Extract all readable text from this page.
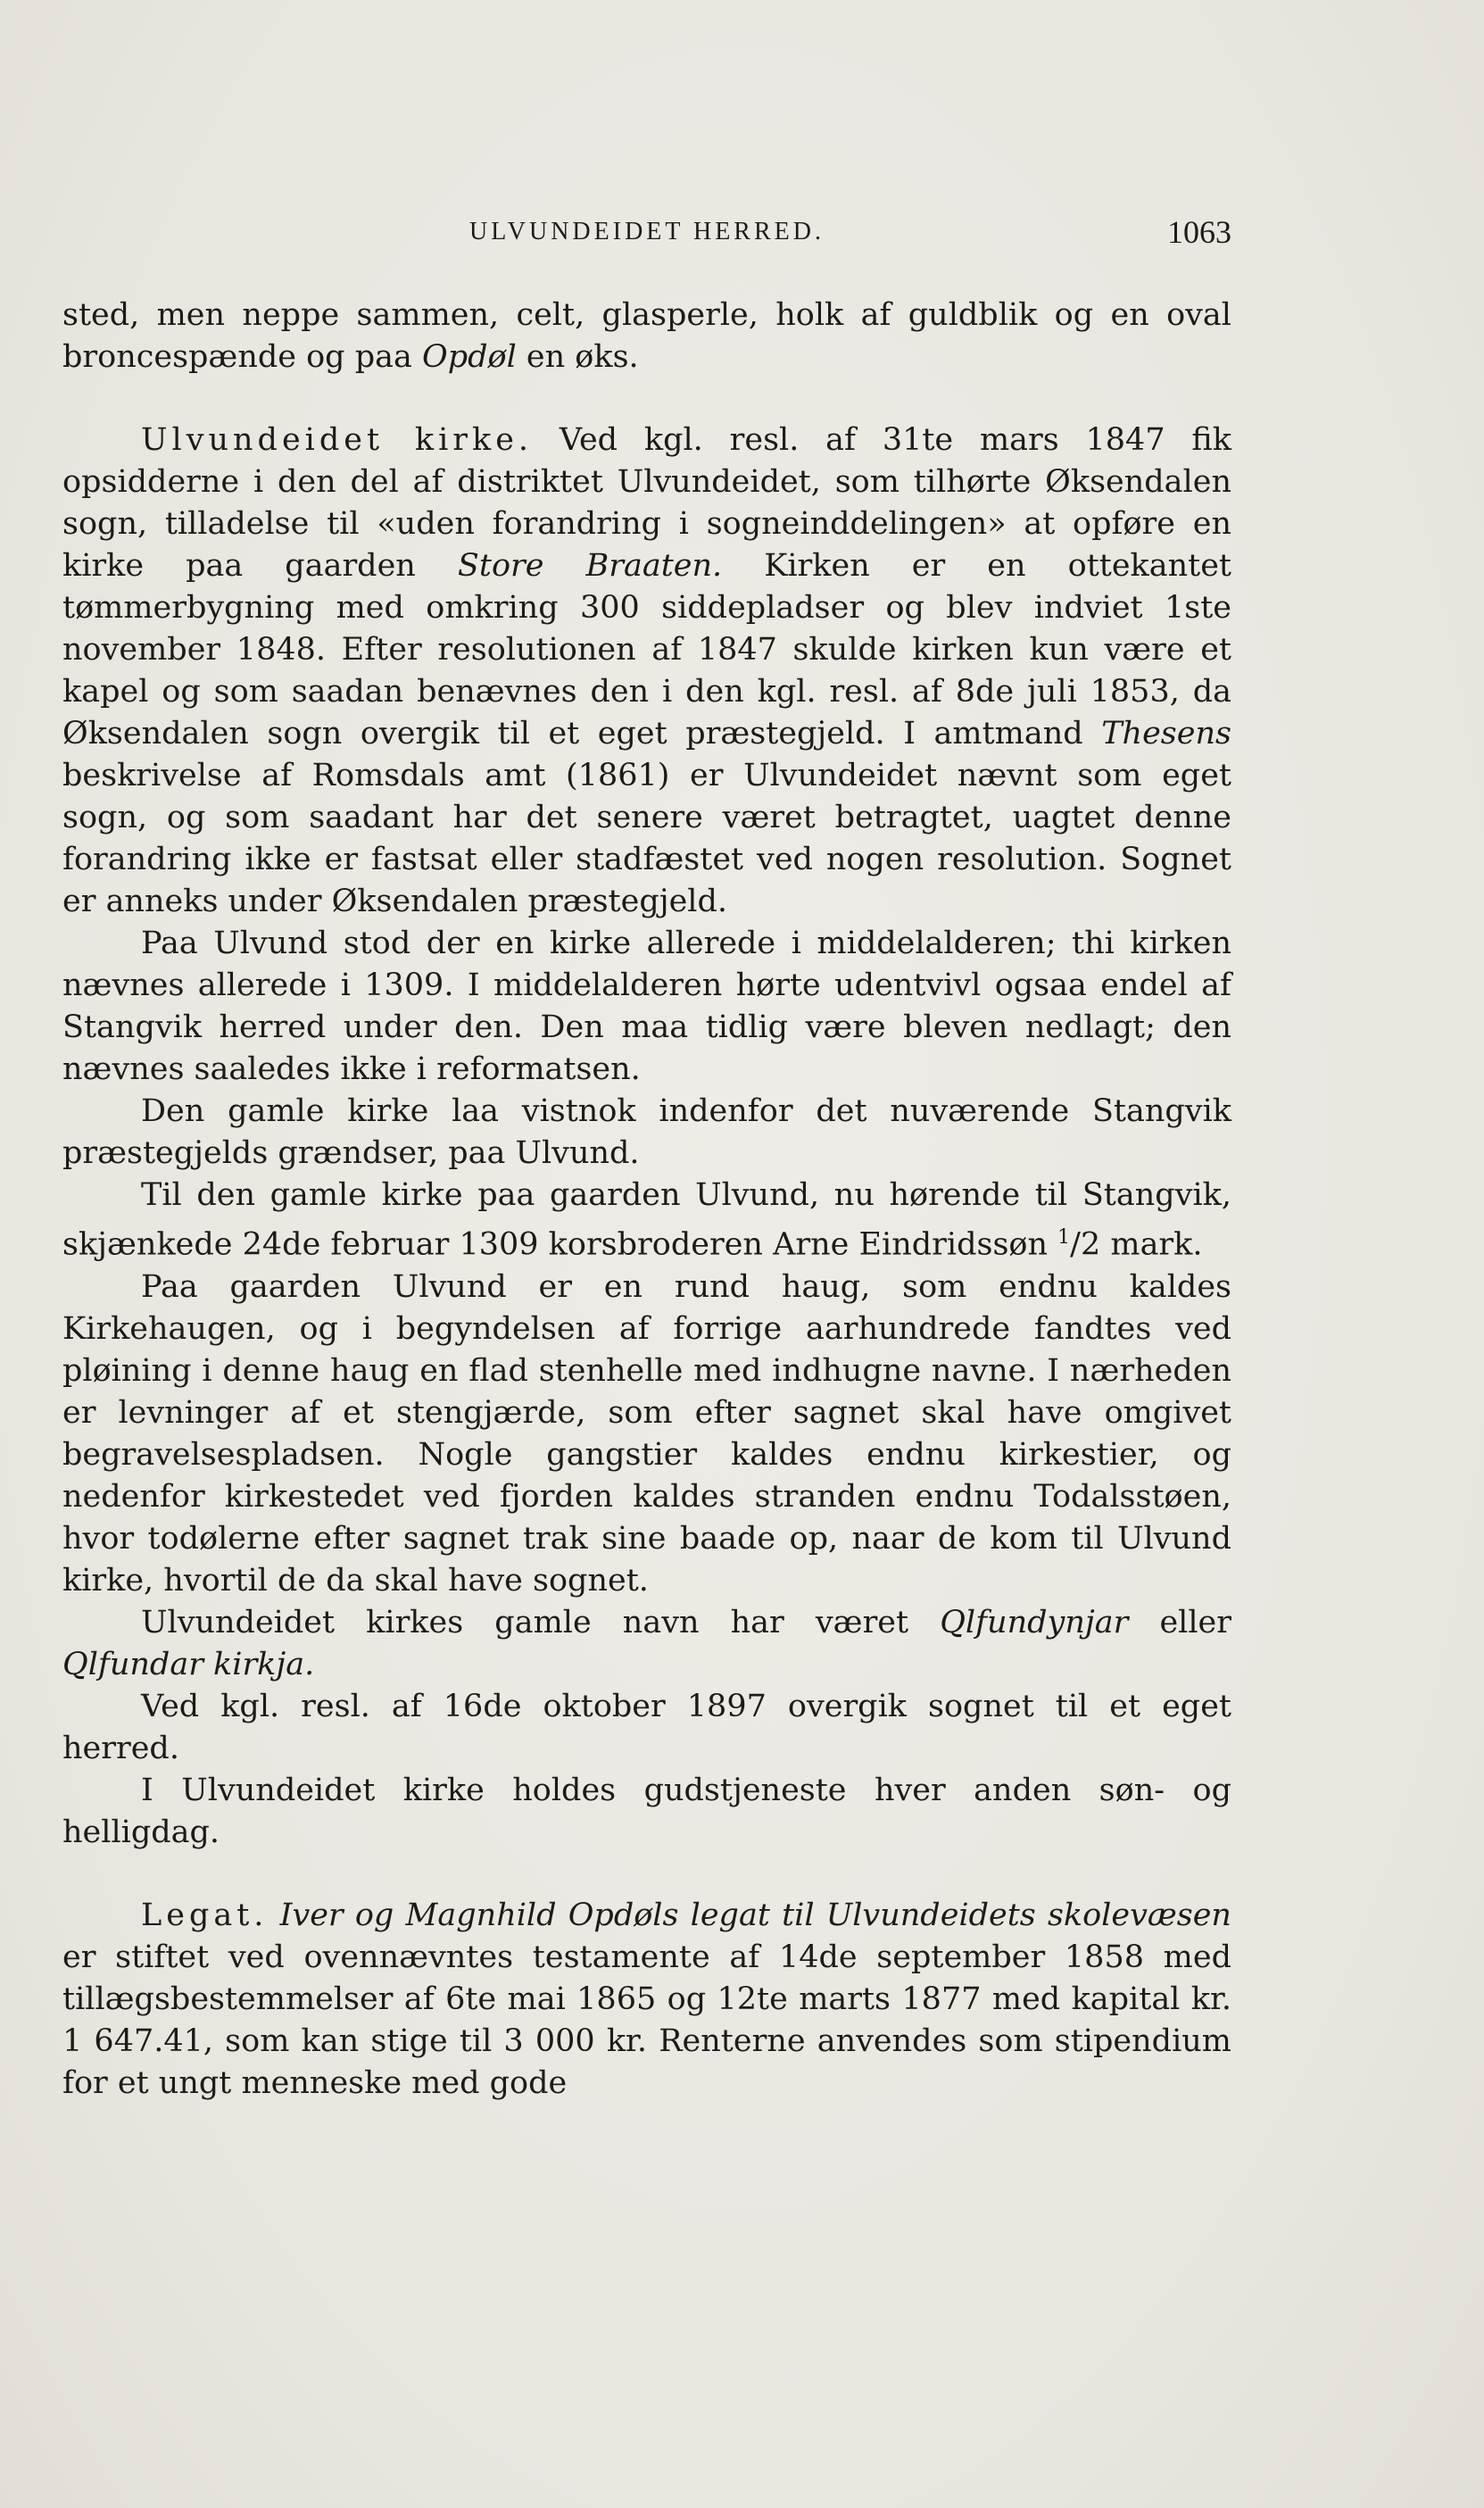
ULVUNDEIDET HERRED.	1063

sted, men neppe sammen, celt, glasperle, holk af guldblik og en oval broncespænde og paa Opdøl en øks.

Ulvundeidet kirke. Ved kgl. resl. af 31te mars 1847 fik opsidderne i den del af distriktet Ulvundeidet, som tilhørte Øksendalen sogn, tilladelse til «uden forandring i sogneinddelingen» at opføre en kirke paa gaarden Store Braaten. Kirken er en ottekantet tømmerbygning med omkring 300 siddepladser og blev indviet 1ste november 1848. Efter resolutionen af 1847 skulde kirken kun være et kapel og som saadan benævnes den i den kgl. resl. af 8de juli 1853, da Øksendalen sogn overgik til et eget præstegjeld. I amtmand Thesens beskrivelse af Romsdals amt (1861) er Ulvundeidet nævnt som eget sogn, og som saadant har det senere været betragtet, uagtet denne forandring ikke er fastsat eller stadfæstet ved nogen resolution. Sognet er anneks under Øksendalen præstegjeld.

Paa Ulvund stod der en kirke allerede i middelalderen; thi kirken nævnes allerede i 1309. I middelalderen hørte udentvivl ogsaa endel af Stangvik herred under den. Den maa tidlig være bleven nedlagt; den nævnes saaledes ikke i reformatsen.

Den gamle kirke laa vistnok indenfor det nuværende Stangvik præstegjelds grændser, paa Ulvund.

Til den gamle kirke paa gaarden Ulvund, nu hørende til Stangvik, skjænkede 24de februar 1309 korsbroderen Arne Eindridssøn $^1$/2 mark.

Paa gaarden Ulvund er en rund haug, som endnu kaldes Kirkehaugen, og i begyndelsen af forrige aarhundrede fandtes ved pløining i denne haug en flad stenhelle med indhugne navne. I nærheden er levninger af et stengjærde, som efter sagnet skal have omgivet begravelsespladsen. Nogle gangstier kaldes endnu kirkestier, og nedenfor kirkestedet ved fjorden kaldes stranden endnu Todalsstøen, hvor todølerne efter sagnet trak sine baade op, naar de kom til Ulvund kirke, hvortil de da skal have sognet.

Ulvundeidet kirkes gamle navn har været Qlfundynjar eller Qlfundar kirkja.

Ved kgl. resl. af 16de oktober 1897 overgik sognet til et eget herred.

I Ulvundeidet kirke holdes gudstjeneste hver anden søn- og helligdag.

Legat. Iver og Magnhild Opdøls legat til Ulvundeidets skolevæsen er stiftet ved ovennævntes testamente af 14de september 1858 med tillægsbestemmelser af 6te mai 1865 og 12te marts 1877 med kapital kr. 1 647.41, som kan stige til 3 000 kr. Renterne anvendes som stipendium for et ungt menneske med gode
